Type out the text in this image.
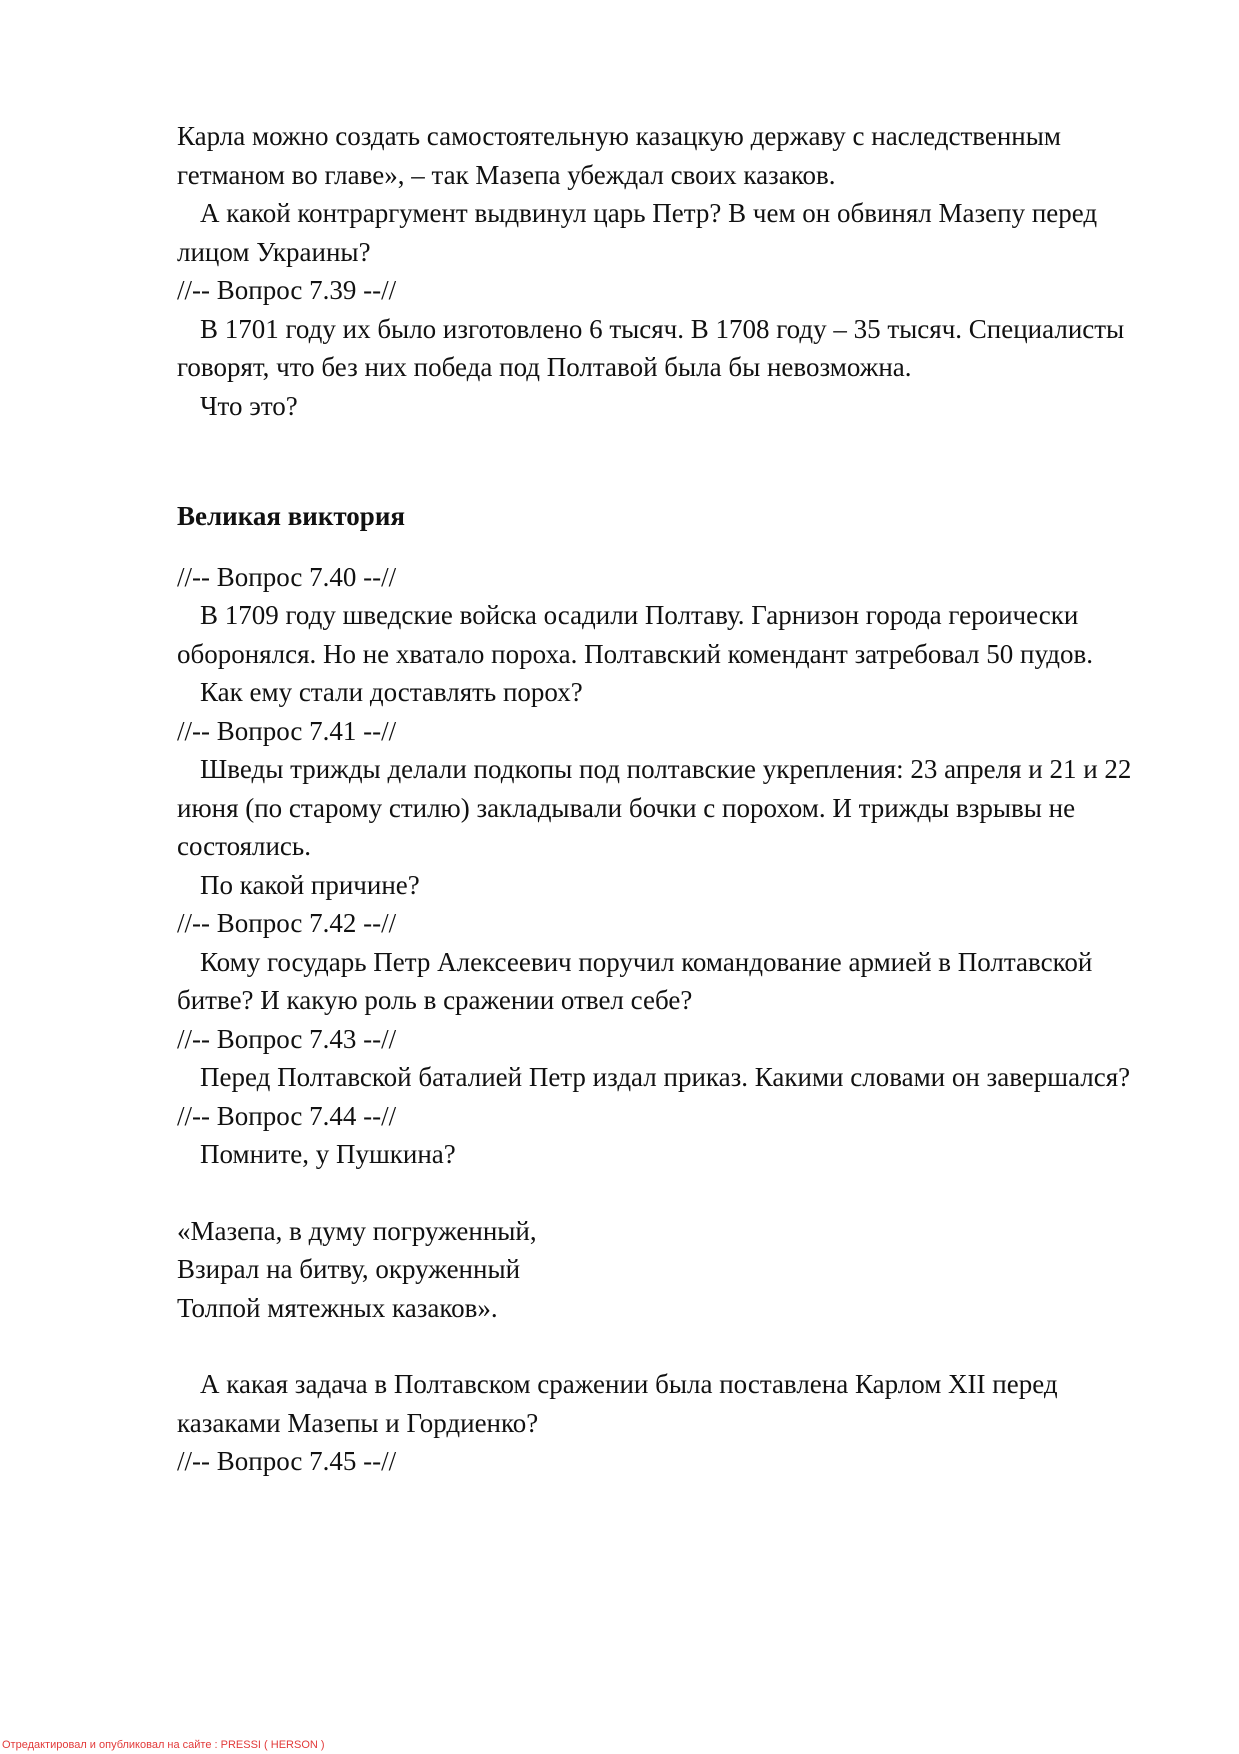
Карла можно создать самостоятельную казацкую державу с наследственным гетманом во главе», – так Мазепа убеждал своих казаков.

А какой контраргумент выдвинул царь Петр? В чем он обвинял Мазепу перед лицом Украины?

//-- Вопрос 7.39 --//

В 1701 году их было изготовлено 6 тысяч. В 1708 году – 35 тысяч. Специалисты говорят, что без них победа под Полтавой была бы невозможна.

Что это?

Великая виктория

//-- Вопрос 7.40 --//

В 1709 году шведские войска осадили Полтаву. Гарнизон города героически оборонялся. Но не хватало пороха. Полтавский комендант затребовал 50 пудов.

Как ему стали доставлять порох?

//-- Вопрос 7.41 --//

Шведы трижды делали подкопы под полтавские укрепления: 23 апреля и 21 и 22 июня (по старому стилю) закладывали бочки с порохом. И трижды взрывы не состоялись.

По какой причине?

//-- Вопрос 7.42 --//

Кому государь Петр Алексеевич поручил командование армией в Полтавской битве? И какую роль в сражении отвел себе?

//-- Вопрос 7.43 --//

Перед Полтавской баталией Петр издал приказ. Какими словами он завершался?

//-- Вопрос 7.44 --//

Помните, у Пушкина?

«Мазепа, в думу погруженный,

Взирал на битву, окруженный

Толпой мятежных казаков».

А какая задача в Полтавском сражении была поставлена Карлом XII перед казаками Мазепы и Гордиенко?

//-- Вопрос 7.45 --//

Отредактировал и опубликовал на сайте : PRESSI ( HERSON )
